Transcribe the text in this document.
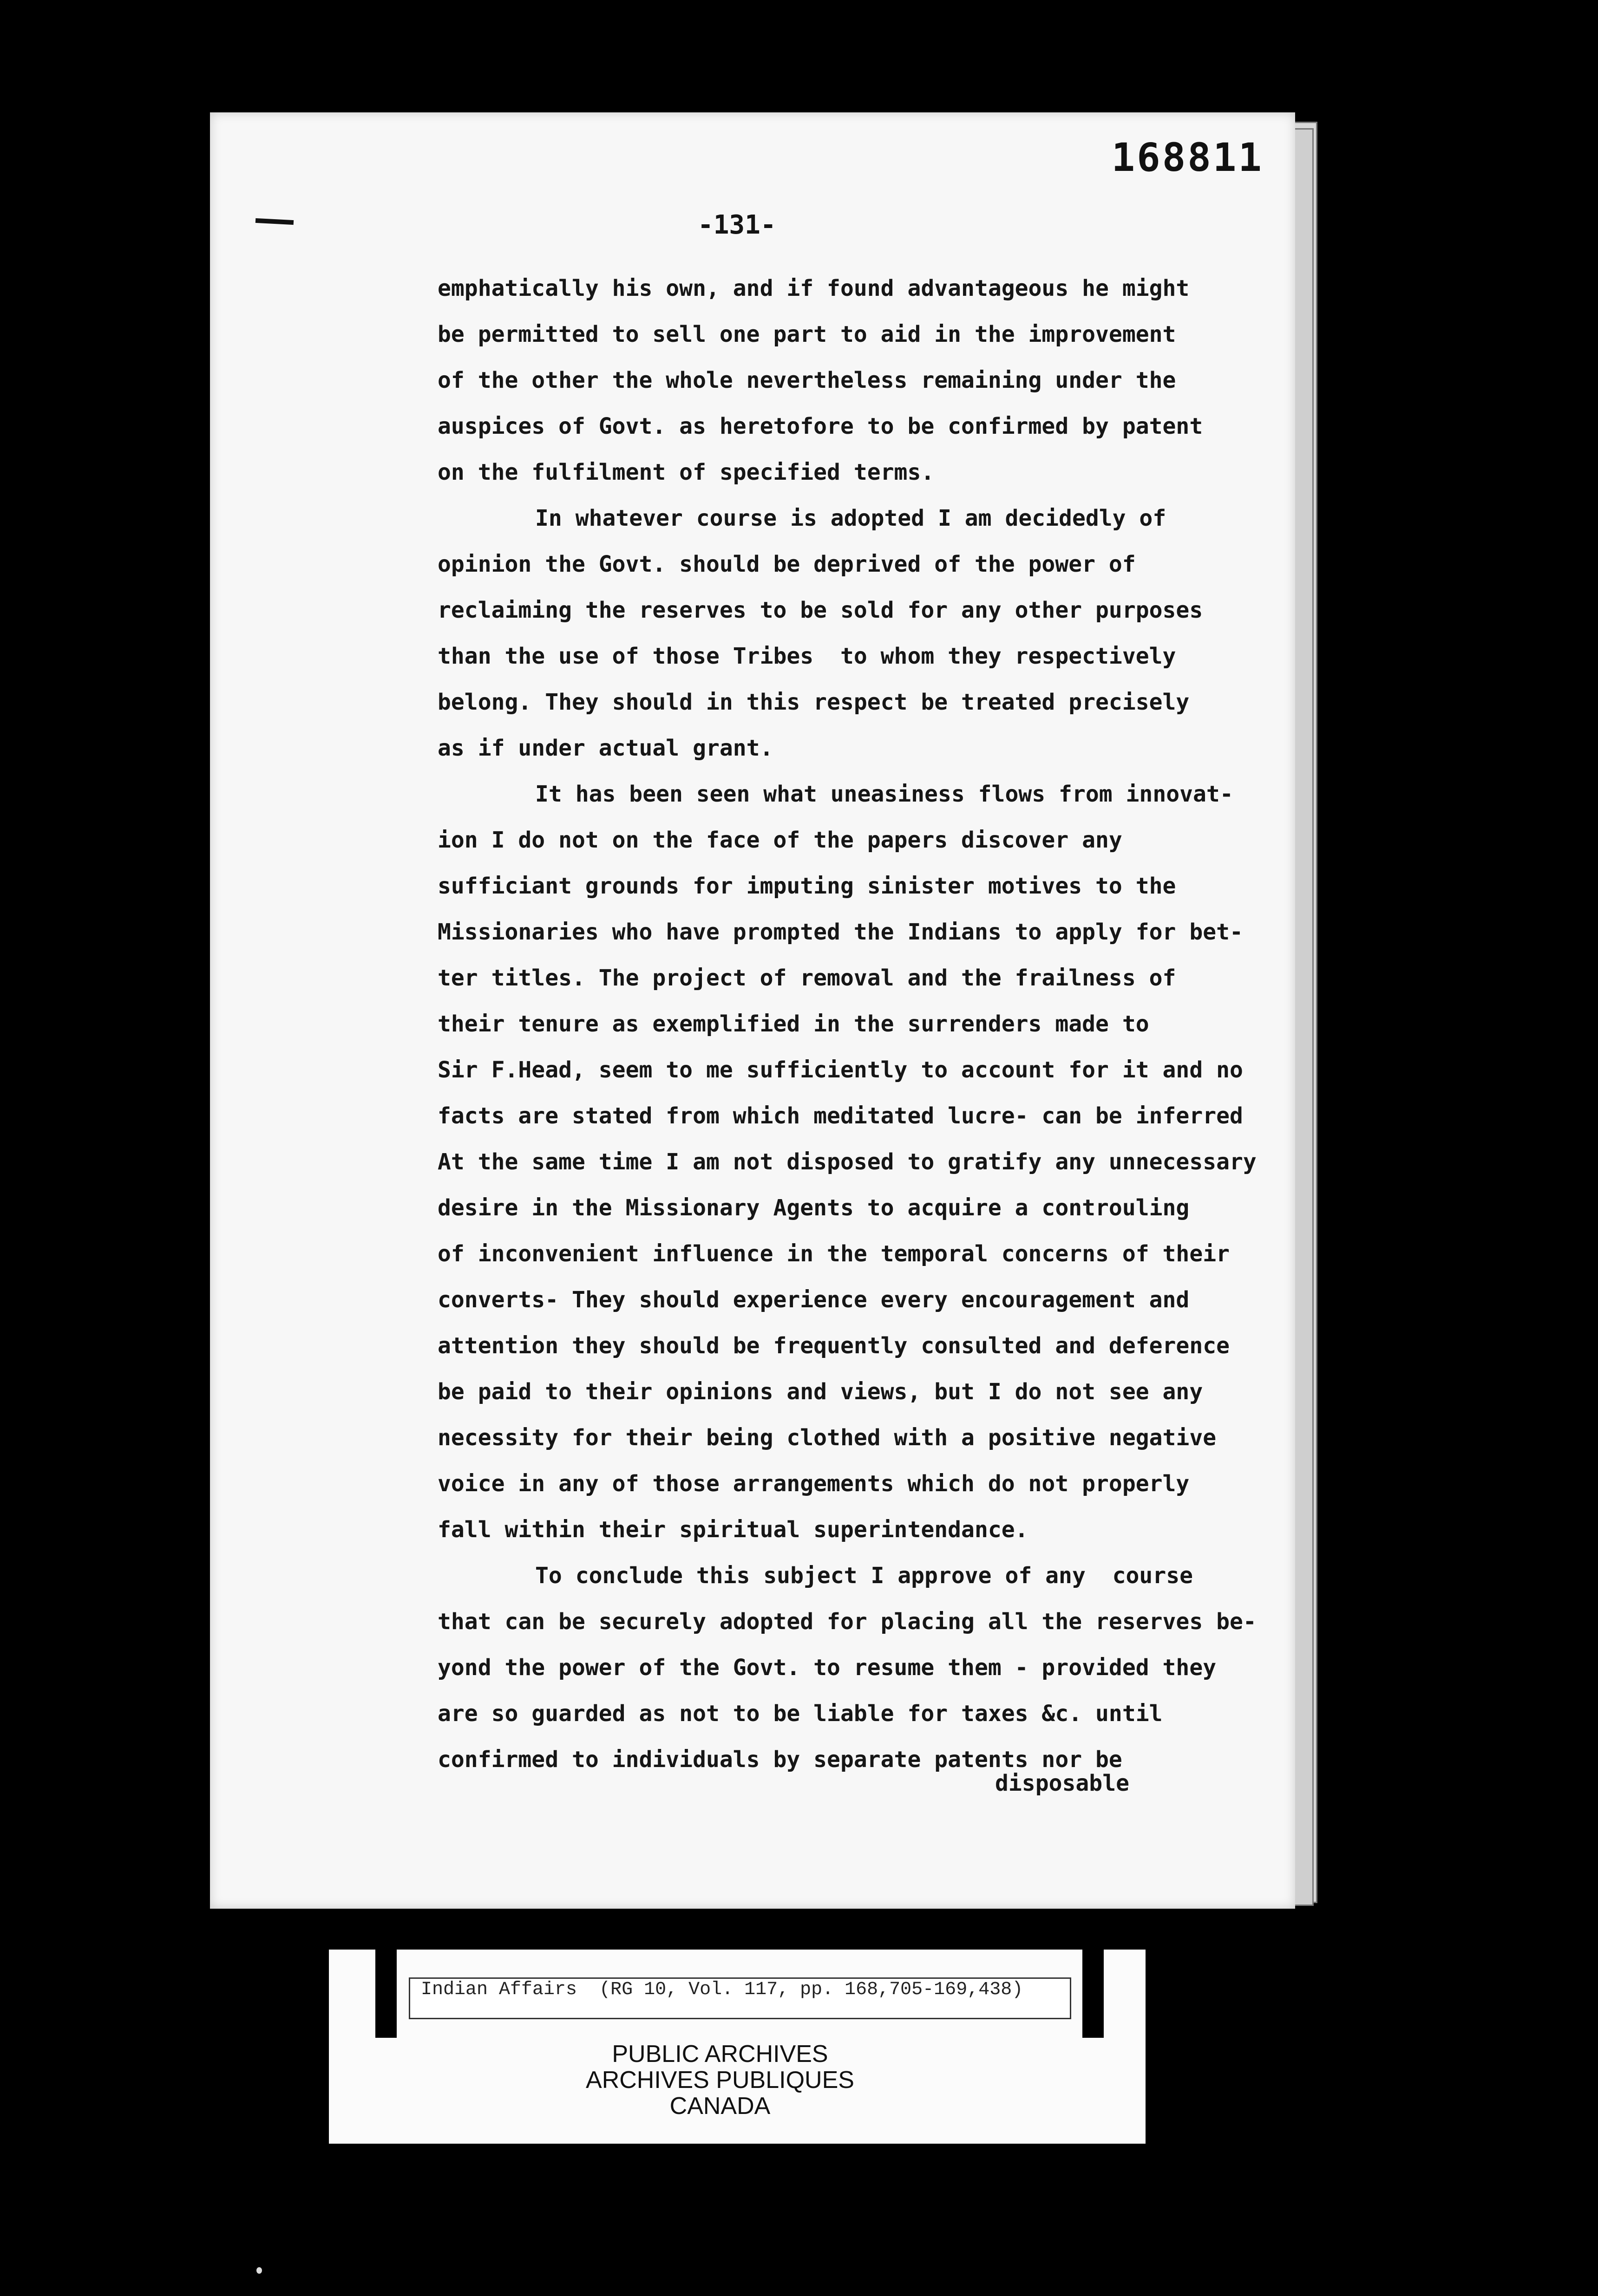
168811
-131-
emphatically his own, and if found advantageous he might
be permitted to sell one part to aid in the improvement
of the other the whole nevertheless remaining under the
auspices of Govt. as heretofore to be confirmed by patent
on the fulfilment of specified terms.
In whatever course is adopted I am decidedly of
opinion the Govt. should be deprived of the power of
reclaiming the reserves to be sold for any other purposes
than the use of those Tribes  to whom they respectively
belong. They should in this respect be treated precisely
as if under actual grant.
It has been seen what uneasiness flows from innovat-
ion I do not on the face of the papers discover any
sufficiant grounds for imputing sinister motives to the
Missionaries who have prompted the Indians to apply for bet-
ter titles. The project of removal and the frailness of
their tenure as exemplified in the surrenders made to
Sir F.Head, seem to me sufficiently to account for it and no
facts are stated from which meditated lucre- can be inferred
At the same time I am not disposed to gratify any unnecessary
desire in the Missionary Agents to acquire a controuling
of inconvenient influence in the temporal concerns of their
converts- They should experience every encouragement and
attention they should be frequently consulted and deference
be paid to their opinions and views, but I do not see any
necessity for their being clothed with a positive negative
voice in any of those arrangements which do not properly
fall within their spiritual superintendance.
To conclude this subject I approve of any  course
that can be securely adopted for placing all the reserves be-
yond the power of the Govt. to resume them - provided they
are so guarded as not to be liable for taxes &c. until
confirmed to individuals by separate patents nor be
disposable
Indian Affairs  (RG 10, Vol. 117, pp. 168,705-169,438)
PUBLIC ARCHIVES
ARCHIVES PUBLIQUES
CANADA
